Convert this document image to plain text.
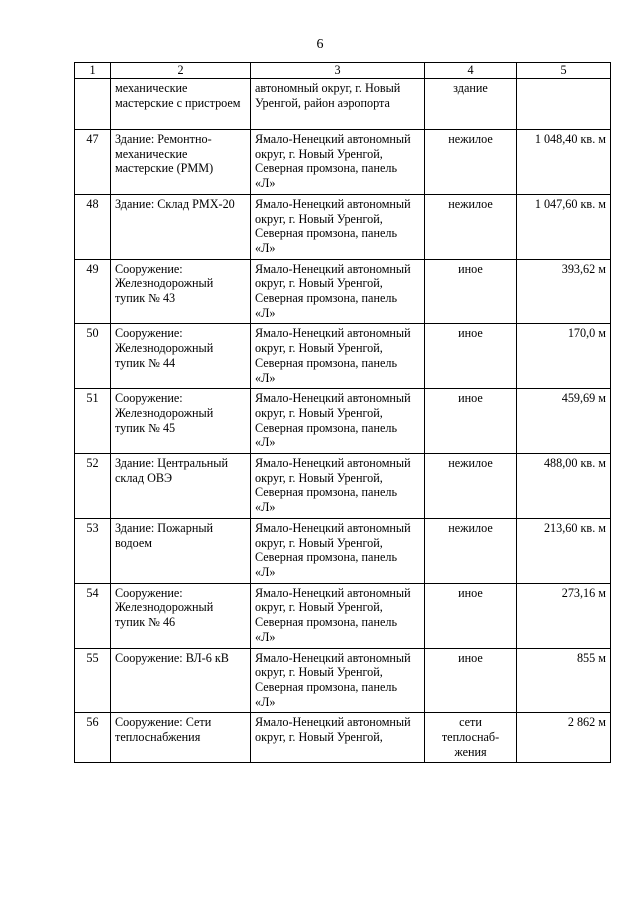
6
1	2	3	4	5
	механические мастерские с пристроем	автономный округ, г. Новый Уренгой, район аэропорта	здание	
47	Здание: Ремонтно-механические мастерские (РММ)	Ямало-Ненецкий автономный округ, г. Новый Уренгой, Северная промзона, панель «Л»	нежилое	1 048,40 кв. м
48	Здание: Склад РМХ-20	Ямало-Ненецкий автономный округ, г. Новый Уренгой, Северная промзона, панель «Л»	нежилое	1 047,60 кв. м
49	Сооружение: Железнодорожный тупик № 43	Ямало-Ненецкий автономный округ, г. Новый Уренгой, Северная промзона, панель «Л»	иное	393,62 м
50	Сооружение: Железнодорожный тупик № 44	Ямало-Ненецкий автономный округ, г. Новый Уренгой, Северная промзона, панель «Л»	иное	170,0 м
51	Сооружение: Железнодорожный тупик № 45	Ямало-Ненецкий автономный округ, г. Новый Уренгой, Северная промзона, панель «Л»	иное	459,69 м
52	Здание: Центральный склад ОВЭ	Ямало-Ненецкий автономный округ, г. Новый Уренгой, Северная промзона, панель «Л»	нежилое	488,00 кв. м
53	Здание: Пожарный водоем	Ямало-Ненецкий автономный округ, г. Новый Уренгой, Северная промзона, панель «Л»	нежилое	213,60 кв. м
54	Сооружение: Железнодорожный тупик № 46	Ямало-Ненецкий автономный округ, г. Новый Уренгой, Северная промзона, панель «Л»	иное	273,16 м
55	Сооружение: ВЛ-6 кВ	Ямало-Ненецкий автономный округ, г. Новый Уренгой, Северная промзона, панель «Л»	иное	855 м
56	Сооружение: Сети теплоснабжения	Ямало-Ненецкий автономный округ, г. Новый Уренгой,	сети теплоснаб-жения	2 862 м
